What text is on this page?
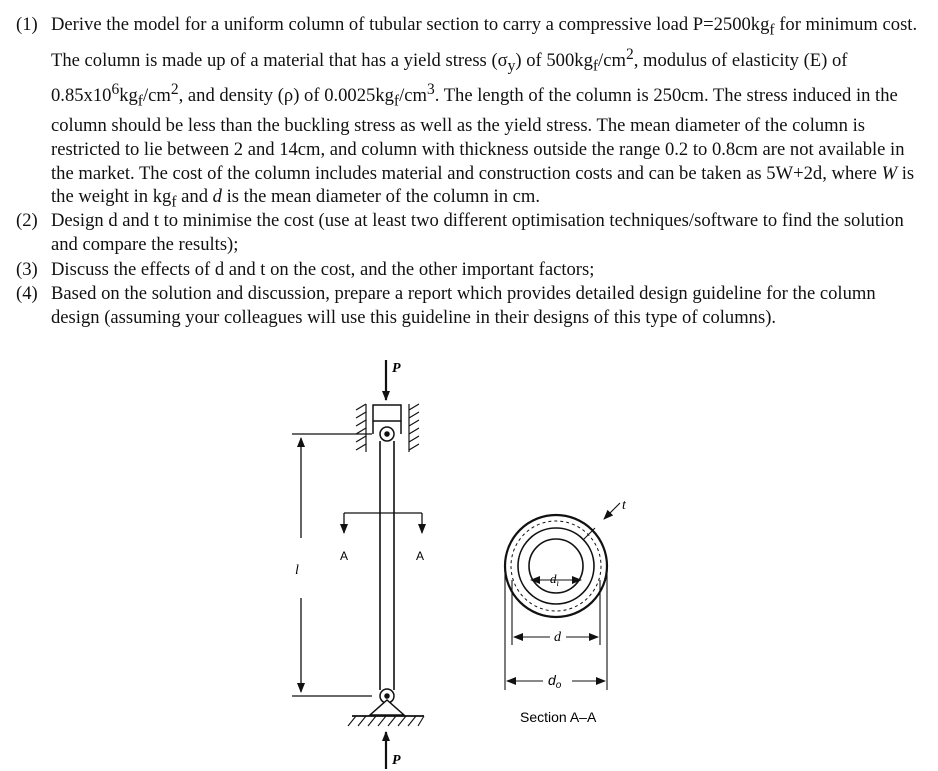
(1) Derive the model for a uniform column of tubular section to carry a compressive load $P=2500kg_f$ for minimum cost. The column is made up of a material that has a yield stress $(\sigma_y)$ of $500kg_f/cm^2$, modulus of elasticity (E) of $0.85x10^6kg_f/cm^2$, and density (ρ) of $0.0025kg_f/cm^3$. The length of the column is 250cm. The stress induced in the column should be less than the buckling stress as well as the yield stress. The mean diameter of the column is restricted to lie between 2 and 14cm, and column with thickness outside the range 0.2 to 0.8cm are not available in the market. The cost of the column includes material and construction costs and can be taken as 5W+2d, where W is the weight in $kg_f$ and d is the mean diameter of the column in cm.
(2) Design d and t to minimise the cost (use at least two different optimisation techniques/software to find the solution and compare the results);
(3) Discuss the effects of d and t on the cost, and the other important factors;
(4) Based on the solution and discussion, prepare a report which provides detailed design guideline for the column design (assuming your colleagues will use this guideline in their designs of this type of columns).
P
P
l
A	A
$d_i$
t
d
$d_o$
Section A–A
